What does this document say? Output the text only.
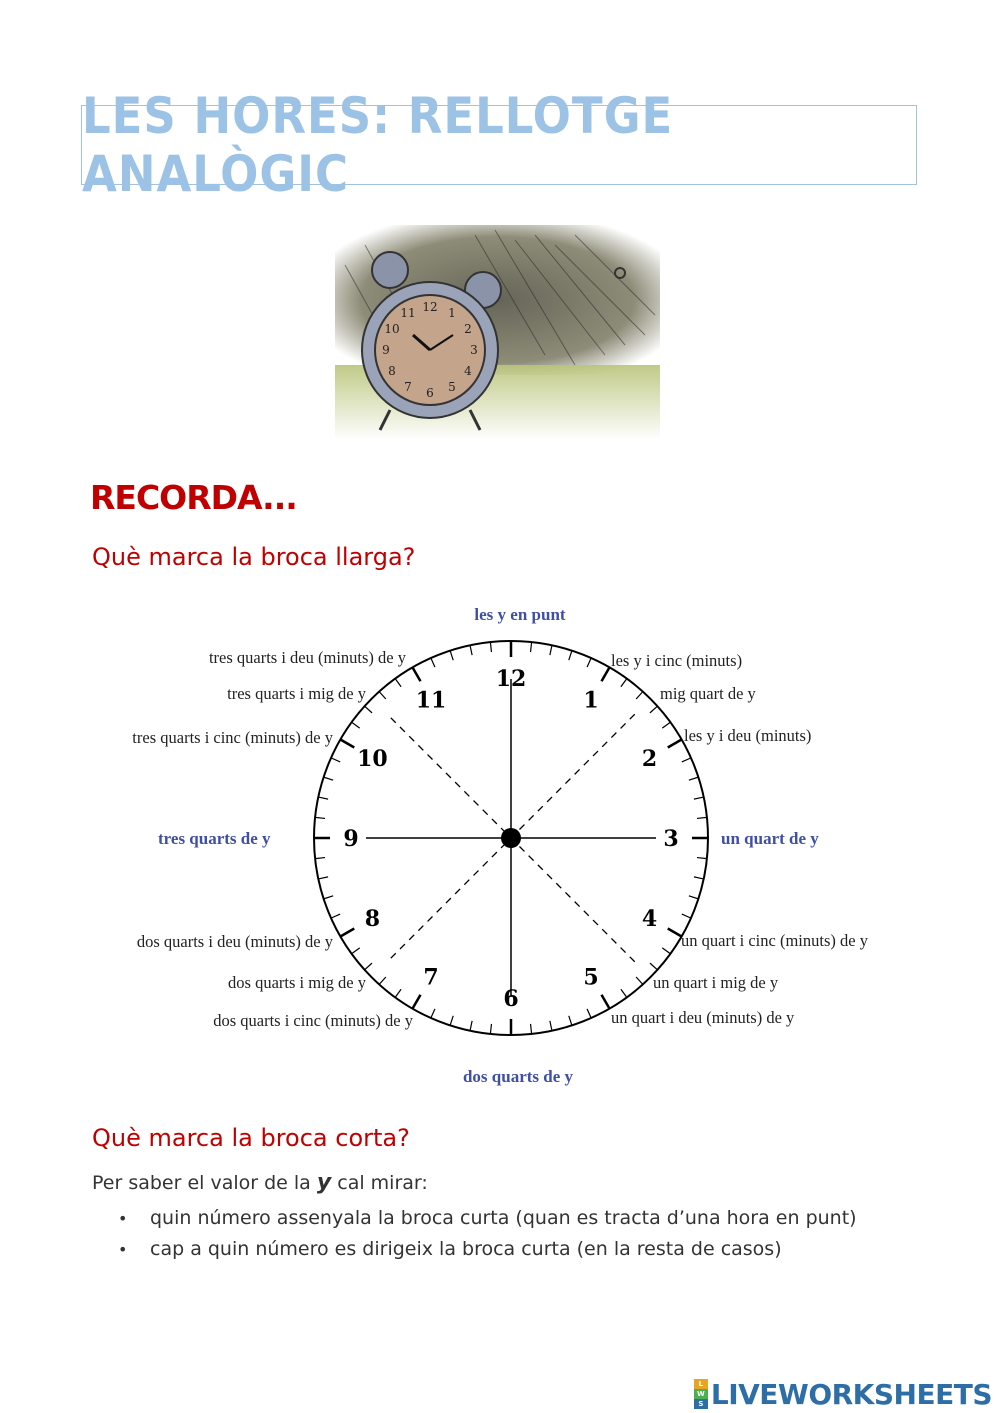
LES HORES: RELLOTGE ANALÒGIC
12 1
2
3
4
5
6
7
8
9
10
11
RECORDA...
Què marca la broca llarga?
12
1
2
3
4
5
6
7
8
9
10
11
les y en punt
un quart de y
dos quarts de y
tres quarts de y
les y i cinc (minuts)
mig quart de y
les y i deu (minuts)
un quart i cinc (minuts) de y
un quart i mig de y
un quart i deu (minuts) de y
tres quarts i deu (minuts) de y
tres quarts i mig de y
tres quarts i cinc (minuts) de y
dos quarts i deu (minuts) de y
dos quarts i mig de y
dos quarts i cinc (minuts) de y
Què marca la broca corta?
Per saber el valor de la y cal mirar:
• quin número assenyala la broca curta (quan es tracta d’una hora en punt)
• cap a quin número es dirigeix la broca curta (en la resta de casos)
L
W
S LIVEWORKSHEETS
